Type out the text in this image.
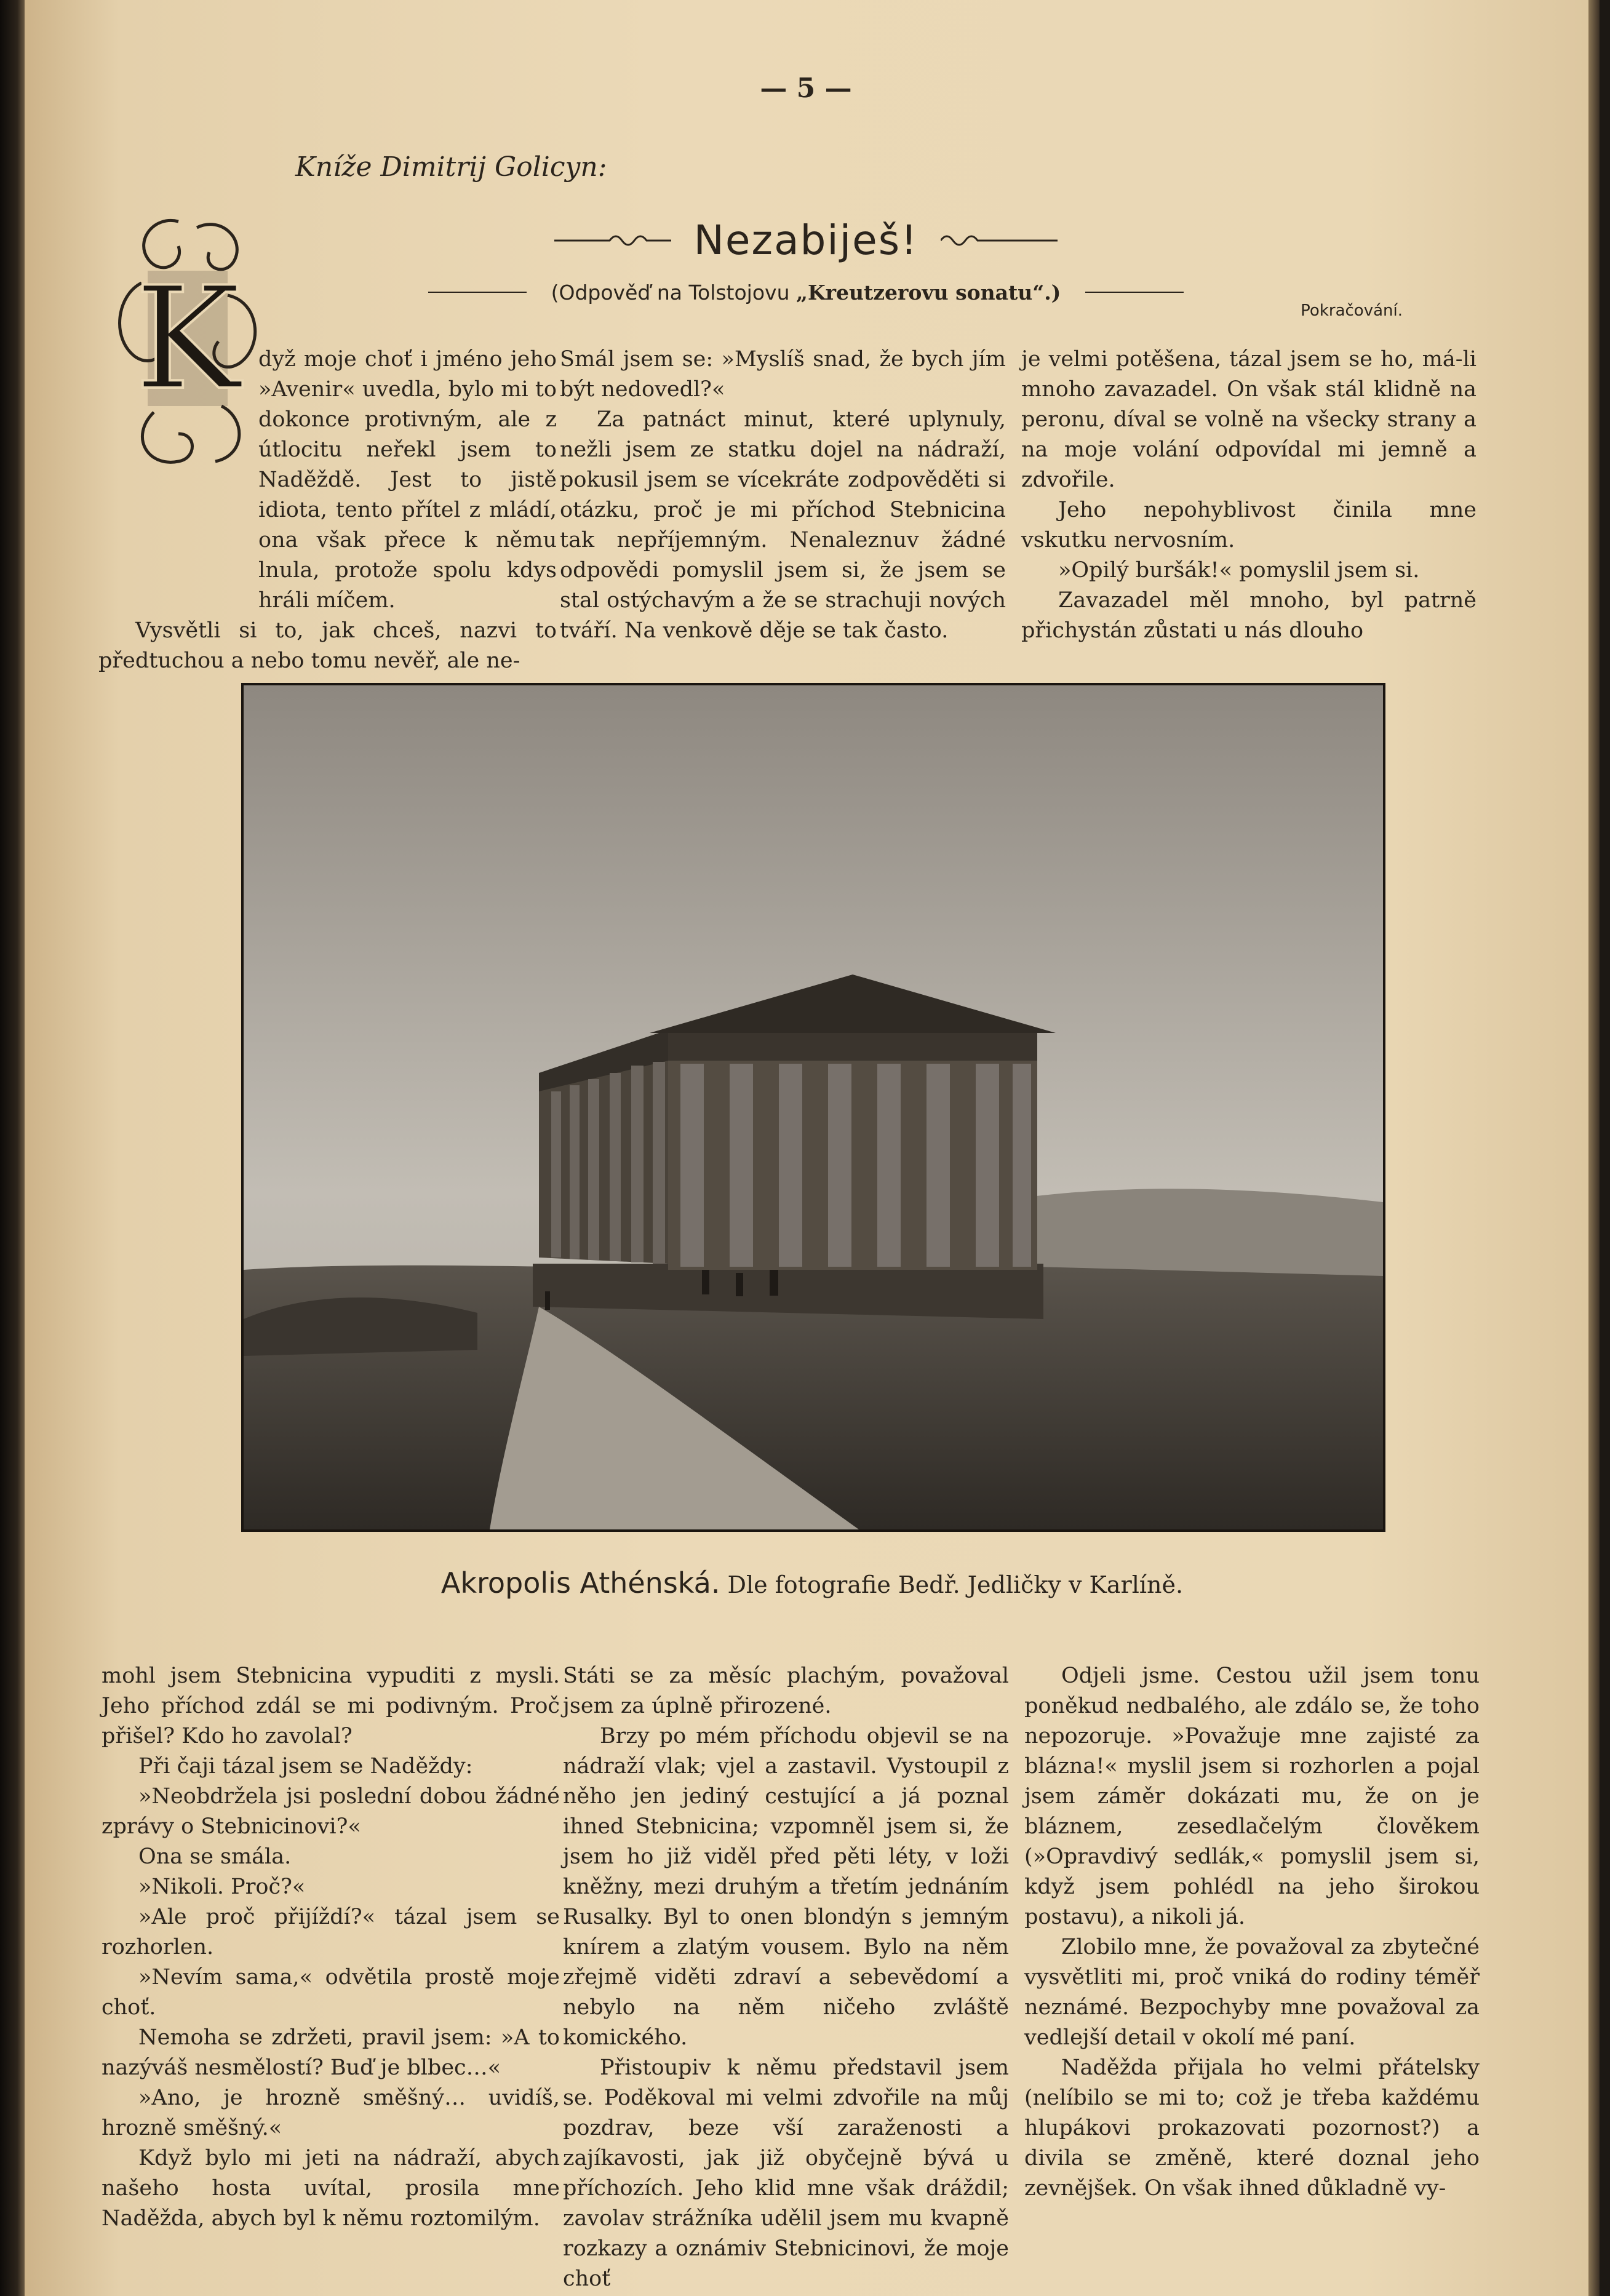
— 5 —
Kníže Dimitrij Golicyn:
Nezabiješ!
(Odpověď na Tolstojovu „Kreutzerovu sonatu“.)
Pokračování.
K dyž moje choť i jméno jeho »Avenir« uvedla, bylo mi to dokonce protivným, ale z útlocitu neřekl jsem to Naděždě. Jest to jistě idiota, tento přítel z mládí, ona však přece k němu lnula, protože spolu kdys hráli míčem.

Vysvětli si to, jak chceš, nazvi to předtuchou a nebo tomu nevěř, ale ne-

Smál jsem se: »Myslíš snad, že bych jím být nedovedl?«

Za patnáct minut, které uplynuly, nežli jsem ze statku dojel na nádraží, pokusil jsem se vícekráte zodpověděti si otázku, proč je mi příchod Stebnicina tak nepříjemným. Nenaleznuv žádné odpovědi pomyslil jsem si, že jsem se stal ostýchavým a že se strachuji nových tváří. Na venkově děje se tak často.

je velmi potěšena, tázal jsem se ho, má-li mnoho zavazadel. On však stál klidně na peronu, díval se volně na všecky strany a na moje volání odpovídal mi jemně a zdvořile.

Jeho nepohyblivost činila mne vskutku nervosním.

»Opilý buršák!« pomyslil jsem si.

Zavazadel měl mnoho, byl patrně přichystán zůstati u nás dlouho

Akropolis Athénská. Dle fotografie Bedř. Jedličky v Karlíně.

mohl jsem Stebnicina vypuditi z mysli. Jeho příchod zdál se mi podivným. Proč přišel? Kdo ho zavolal?

Při čaji tázal jsem se Naděždy:

»Neobdržela jsi poslední dobou žádné zprávy o Stebnicinovi?«

Ona se smála.

»Nikoli. Proč?«

»Ale proč přijíždí?« tázal jsem se rozhorlen.

»Nevím sama,« odvětila prostě moje choť.

Nemoha se zdržeti, pravil jsem: »A to nazýváš nesmělostí? Buď je blbec…«

»Ano, je hrozně směšný… uvidíš, hrozně směšný.«

Když bylo mi jeti na nádraží, abych našeho hosta uvítal, prosila mne Naděžda, abych byl k němu roztomilým.

Státi se za měsíc plachým, považoval jsem za úplně přirozené.

Brzy po mém příchodu objevil se na nádraží vlak; vjel a zastavil. Vystoupil z něho jen jediný cestující a já poznal ihned Stebnicina; vzpomněl jsem si, že jsem ho již viděl před pěti léty, v loži kněžny, mezi druhým a třetím jednáním Rusalky. Byl to onen blondýn s jemným knírem a zlatým vousem. Bylo na něm zřejmě viděti zdraví a sebevědomí a nebylo na něm ničeho zvláště komického.

Přistoupiv k němu představil jsem se. Poděkoval mi velmi zdvořile na můj pozdrav, beze vší zaraženosti a zajíkavosti, jak již obyčejně bývá u příchozích. Jeho klid mne však dráždil; zavolav strážníka udělil jsem mu kvapně rozkazy a oznámiv Stebnicinovi, že moje choť

Odjeli jsme. Cestou užil jsem tonu poněkud nedbalého, ale zdálo se, že toho nepozoruje. »Považuje mne zajisté za blázna!« myslil jsem si rozhorlen a pojal jsem záměr dokázati mu, že on je bláznem, zesedlačelým člověkem (»Opravdivý sedlák,« pomyslil jsem si, když jsem pohlédl na jeho širokou postavu), a nikoli já.

Zlobilo mne, že považoval za zbytečné vysvětliti mi, proč vniká do rodiny téměř neznámé. Bezpochyby mne považoval za vedlejší detail v okolí mé paní.

Naděžda přijala ho velmi přátelsky (nelíbilo se mi to; což je třeba každému hlupákovi prokazovati pozornost?) a divila se změně, které doznal jeho zevnějšek. On však ihned důkladně vy-
